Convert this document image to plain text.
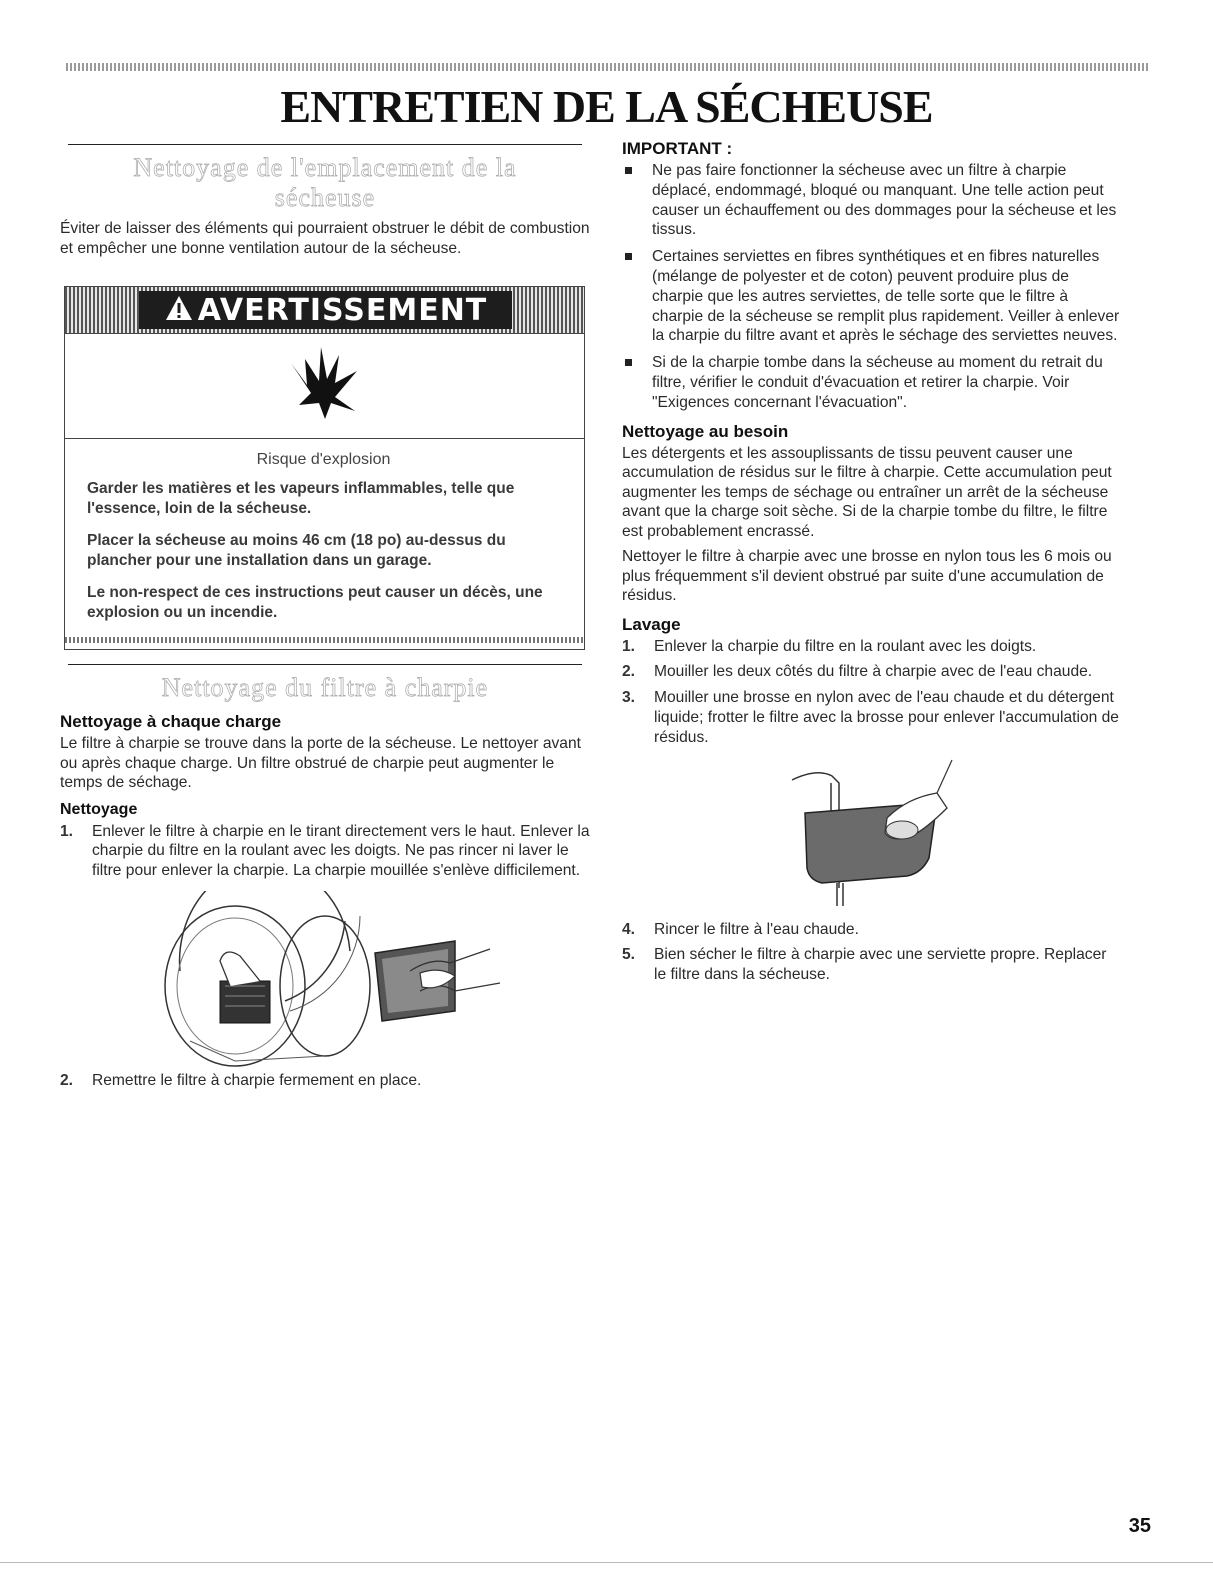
ENTRETIEN DE LA SÉCHEUSE
Nettoyage de l'emplacement de la sécheuse

Éviter de laisser des éléments qui pourraient obstruer le débit de combustion et empêcher une bonne ventilation autour de la sécheuse.

AVERTISSEMENT
Risque d'explosion
Garder les matières et les vapeurs inflammables, telle que l'essence, loin de la sécheuse.
Placer la sécheuse au moins 46 cm (18 po) au-dessus du plancher pour une installation dans un garage.
Le non-respect de ces instructions peut causer un décès, une explosion ou un incendie.
Nettoyage du filtre à charpie
Nettoyage à chaque charge

Le filtre à charpie se trouve dans la porte de la sécheuse. Le nettoyer avant ou après chaque charge. Un filtre obstrué de charpie peut augmenter le temps de séchage.

Nettoyage
1.	Enlever le filtre à charpie en le tirant directement vers le haut. Enlever la charpie du filtre en la roulant avec les doigts. Ne pas rincer ni laver le filtre pour enlever la charpie. La charpie mouillée s'enlève difficilement.
2.	Remettre le filtre à charpie fermement en place.
IMPORTANT :
Ne pas faire fonctionner la sécheuse avec un filtre à charpie déplacé, endommagé, bloqué ou manquant. Une telle action peut causer un échauffement ou des dommages pour la sécheuse et les tissus.
Certaines serviettes en fibres synthétiques et en fibres naturelles (mélange de polyester et de coton) peuvent produire plus de charpie que les autres serviettes, de telle sorte que le filtre à charpie de la sécheuse se remplit plus rapidement. Veiller à enlever la charpie du filtre avant et après le séchage des serviettes neuves.
Si de la charpie tombe dans la sécheuse au moment du retrait du filtre, vérifier le conduit d'évacuation et retirer la charpie. Voir "Exigences concernant l'évacuation".
Nettoyage au besoin

Les détergents et les assouplissants de tissu peuvent causer une accumulation de résidus sur le filtre à charpie. Cette accumulation peut augmenter les temps de séchage ou entraîner un arrêt de la sécheuse avant que la charge soit sèche. Si de la charpie tombe du filtre, le filtre est probablement encrassé.

Nettoyer le filtre à charpie avec une brosse en nylon tous les 6 mois ou plus fréquemment s'il devient obstrué par suite d'une accumulation de résidus.

Lavage
1.	Enlever la charpie du filtre en la roulant avec les doigts.
2.	Mouiller les deux côtés du filtre à charpie avec de l'eau chaude.
3.	Mouiller une brosse en nylon avec de l'eau chaude et du détergent liquide; frotter le filtre avec la brosse pour enlever l'accumulation de résidus.
4.	Rincer le filtre à l'eau chaude.
5.	Bien sécher le filtre à charpie avec une serviette propre. Replacer le filtre dans la sécheuse.
35
